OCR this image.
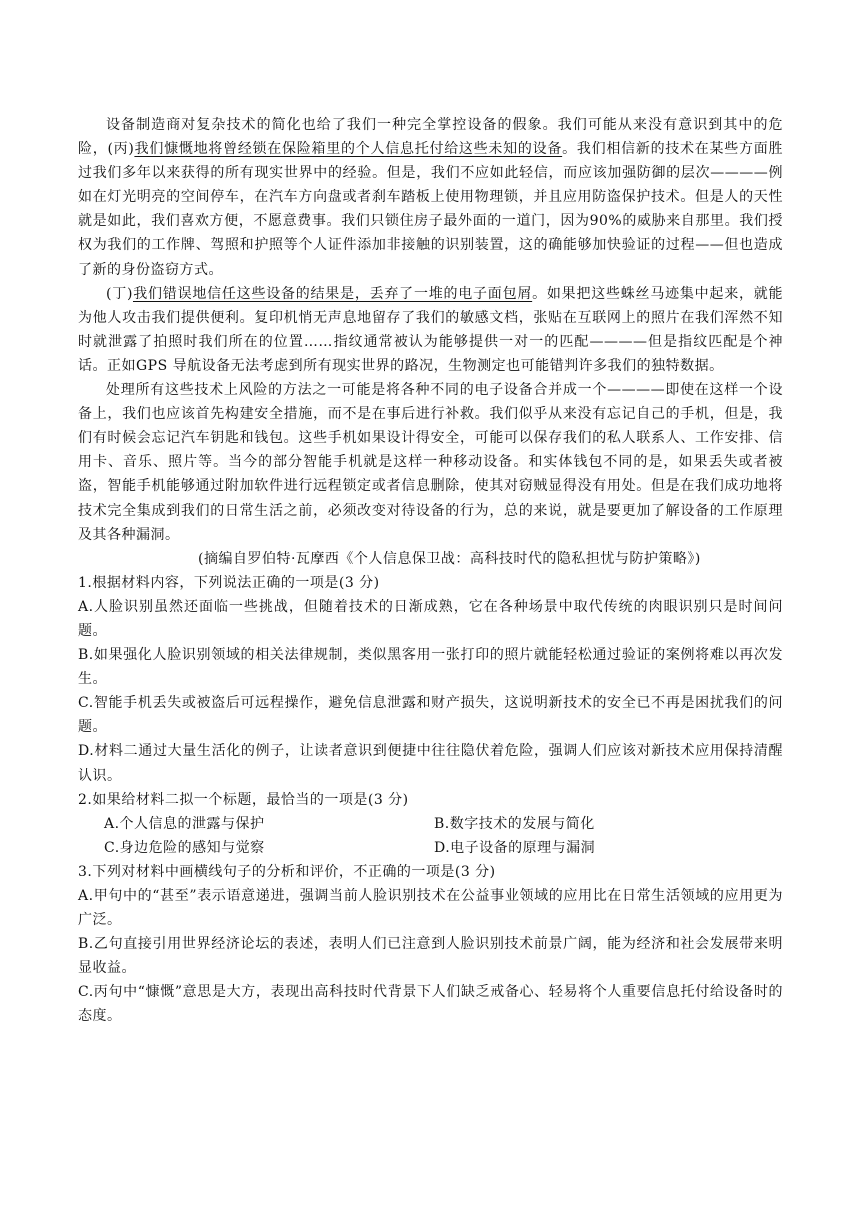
设备制造商对复杂技术的简化也给了我们一种完全掌控设备的假象。我们可能从来没有意识到其中的危险，(丙)我们慷慨地将曾经锁在保险箱里的个人信息托付给这些未知的设备。我们相信新的技术在某些方面胜过我们多年以来获得的所有现实世界中的经验。但是，我们不应如此轻信，而应该加强防御的层次————例如在灯光明亮的空间停车，在汽车方向盘或者刹车踏板上使用物理锁，并且应用防盗保护技术。但是人的天性就是如此，我们喜欢方便，不愿意费事。我们只锁住房子最外面的一道门，因为90%的威胁来自那里。我们授权为我们的工作牌、驾照和护照等个人证件添加非接触的识别装置，这的确能够加快验证的过程——但也造成了新的身份盗窃方式。

(丁)我们错误地信任这些设备的结果是，丢弃了一堆的电子面包屑。如果把这些蛛丝马迹集中起来，就能为他人攻击我们提供便利。复印机悄无声息地留存了我们的敏感文档，张贴在互联网上的照片在我们浑然不知时就泄露了拍照时我们所在的位置……指纹通常被认为能够提供一对一的匹配————但是指纹匹配是个神话。正如GPS 导航设备无法考虑到所有现实世界的路况，生物测定也可能错判许多我们的独特数据。

处理所有这些技术上风险的方法之一可能是将各种不同的电子设备合并成一个————即使在这样一个设备上，我们也应该首先构建安全措施，而不是在事后进行补救。我们似乎从来没有忘记自己的手机，但是，我们有时候会忘记汽车钥匙和钱包。这些手机如果设计得安全，可能可以保存我们的私人联系人、工作安排、信用卡、音乐、照片等。当今的部分智能手机就是这样一种移动设备。和实体钱包不同的是，如果丢失或者被盗，智能手机能够通过附加软件进行远程锁定或者信息删除，使其对窃贼显得没有用处。但是在我们成功地将技术完全集成到我们的日常生活之前，必须改变对待设备的行为，总的来说，就是要更加了解设备的工作原理及其各种漏洞。

(摘编自罗伯特·瓦摩西《个人信息保卫战：高科技时代的隐私担忧与防护策略》)

1.根据材料内容，下列说法正确的一项是(3 分)

A.人脸识别虽然还面临一些挑战，但随着技术的日渐成熟，它在各种场景中取代传统的肉眼识别只是时间问题。

B.如果强化人脸识别领域的相关法律规制，类似黑客用一张打印的照片就能轻松通过验证的案例将难以再次发生。

C.智能手机丢失或被盗后可远程操作，避免信息泄露和财产损失，这说明新技术的安全已不再是困扰我们的问题。

D.材料二通过大量生活化的例子，让读者意识到便捷中往往隐伏着危险，强调人们应该对新技术应用保持清醒认识。

2.如果给材料二拟一个标题，最恰当的一项是(3 分)

A.个人信息的泄露与保护	B.数字技术的发展与简化
C.身边危险的感知与觉察	D.电子设备的原理与漏洞

3.下列对材料中画横线句子的分析和评价，不正确的一项是(3 分)

A.甲句中的“甚至”表示语意递进，强调当前人脸识别技术在公益事业领域的应用比在日常生活领域的应用更为广泛。

B.乙句直接引用世界经济论坛的表述，表明人们已注意到人脸识别技术前景广阔，能为经济和社会发展带来明显收益。

C.丙句中“慷慨”意思是大方，表现出高科技时代背景下人们缺乏戒备心、轻易将个人重要信息托付给设备时的态度。
